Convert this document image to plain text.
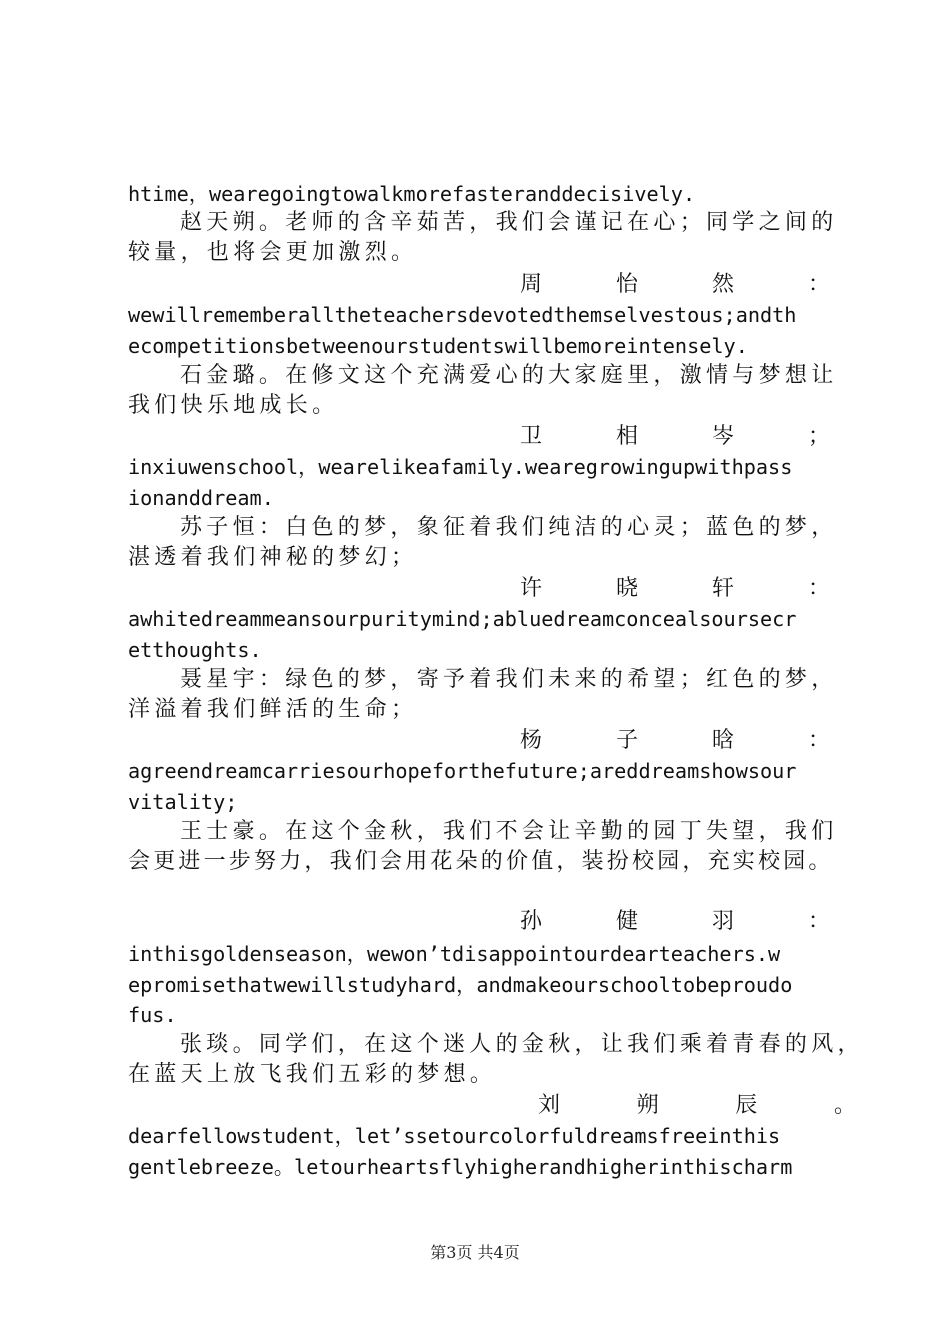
htime，wearegoingtowalkmorefasteranddecisively.
赵天朔。老师的含辛茹苦，我们会谨记在心；同学之间的
较量，也将会更加激烈。
周	怡	然	：
wewillrememberalltheteachersdevotedthemselvestous;andth
ecompetitionsbetweenourstudentswillbemoreintensely.
石金璐。在修文这个充满爱心的大家庭里，激情与梦想让
我们快乐地成长。
卫	相	岑	；
inxiuwenschool，wearelikeafamily.wearegrowingupwithpass
ionanddream.
苏子恒：白色的梦，象征着我们纯洁的心灵；蓝色的梦，
湛透着我们神秘的梦幻；
许	晓	轩	：
awhitedreammeansourpuritymind;abluedreamconcealsoursecr
etthoughts.
聂星宇：绿色的梦，寄予着我们未来的希望；红色的梦，
洋溢着我们鲜活的生命；
杨	子	晗	：
agreendreamcarriesourhopeforthefuture;areddreamshowsour
vitality;
王士豪。在这个金秋，我们不会让辛勤的园丁失望，我们
会更进一步努力，我们会用花朵的价值，装扮校园，充实校园。
孙	健	羽	：
inthisgoldenseason，wewon’tdisappointourdearteachers.w
epromisethatwewillstudyhard，andmakeourschooltobeproudo
fus.
张琰。同学们，在这个迷人的金秋，让我们乘着青春的风，
在蓝天上放飞我们五彩的梦想。
刘	朔	辰	。
dearfellowstudent，let’ssetourcolorfuldreamsfreeinthis
gentlebreeze。letourheartsflyhigherandhigherinthischarm
第3页 共4页
